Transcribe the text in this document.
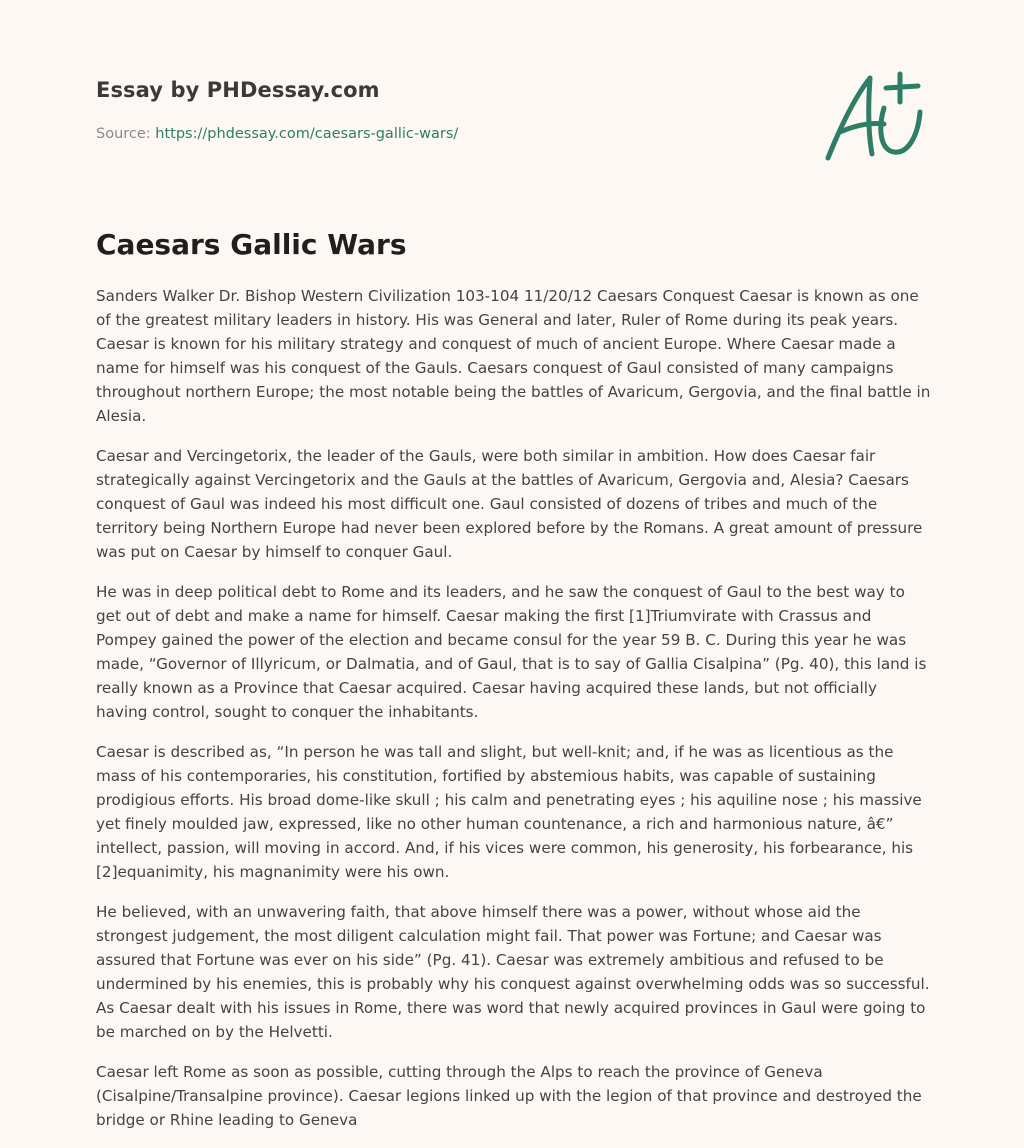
Essay by PHDessay.com
Source: https://phdessay.com/caesars-gallic-wars/
Caesars Gallic Wars

Sanders Walker Dr. Bishop Western Civilization 103-104 11/20/12 Caesars Conquest Caesar is known as one of the greatest military leaders in history. His was General and later, Ruler of Rome during its peak years. Caesar is known for his military strategy and conquest of much of ancient Europe. Where Caesar made a name for himself was his conquest of the Gauls. Caesars conquest of Gaul consisted of many campaigns throughout northern Europe; the most notable being the battles of Avaricum, Gergovia, and the final battle in Alesia.

Caesar and Vercingetorix, the leader of the Gauls, were both similar in ambition. How does Caesar fair strategically against Vercingetorix and the Gauls at the battles of Avaricum, Gergovia and, Alesia? Caesars conquest of Gaul was indeed his most difficult one. Gaul consisted of dozens of tribes and much of the territory being Northern Europe had never been explored before by the Romans. A great amount of pressure was put on Caesar by himself to conquer Gaul.

He was in deep political debt to Rome and its leaders, and he saw the conquest of Gaul to the best way to get out of debt and make a name for himself. Caesar making the first [1]Triumvirate with Crassus and Pompey gained the power of the election and became consul for the year 59 B. C. During this year he was made, “Governor of Illyricum, or Dalmatia, and of Gaul, that is to say of Gallia Cisalpina” (Pg. 40), this land is really known as a Province that Caesar acquired. Caesar having acquired these lands, but not officially having control, sought to conquer the inhabitants.

Caesar is described as, “In person he was tall and slight, but well-knit; and, if he was as licentious as the mass of his contemporaries, his constitution, fortified by abstemious habits, was capable of sustaining prodigious efforts. His broad dome-like skull ; his calm and penetrating eyes ; his aquiline nose ; his massive yet finely moulded jaw, expressed, like no other human countenance, a rich and harmonious nature, â€” intellect, passion, will moving in accord. And, if his vices were common, his generosity, his forbearance, his [2]equanimity, his magnanimity were his own.

He believed, with an unwavering faith, that above himself there was a power, without whose aid the strongest judgement, the most diligent calculation might fail. That power was Fortune; and Caesar was assured that Fortune was ever on his side” (Pg. 41). Caesar was extremely ambitious and refused to be undermined by his enemies, this is probably why his conquest against overwhelming odds was so successful. As Caesar dealt with his issues in Rome, there was word that newly acquired provinces in Gaul were going to be marched on by the Helvetti.

Caesar left Rome as soon as possible, cutting through the Alps to reach the province of Geneva (Cisalpine/Transalpine province). Caesar legions linked up with the legion of that province and destroyed the bridge or Rhine leading to Geneva
